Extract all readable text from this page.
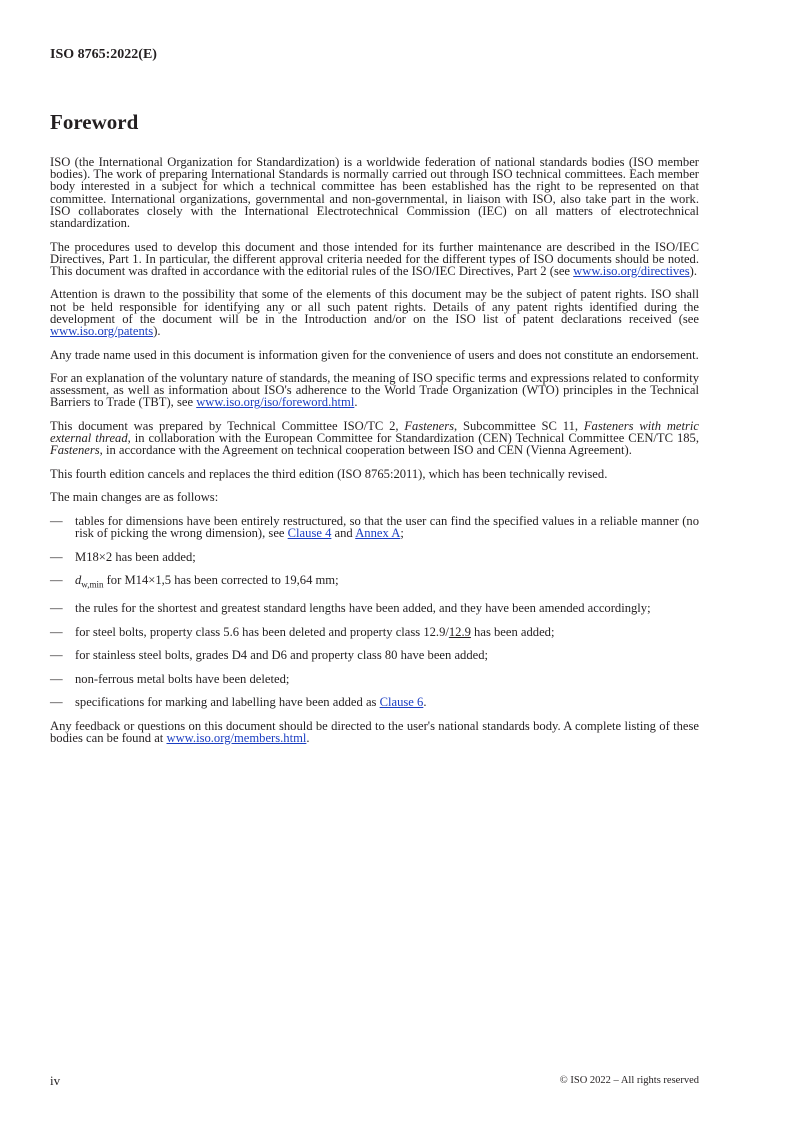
ISO 8765:2022(E)
Foreword

ISO (the International Organization for Standardization) is a worldwide federation of national standards bodies (ISO member bodies). The work of preparing International Standards is normally carried out through ISO technical committees. Each member body interested in a subject for which a technical committee has been established has the right to be represented on that committee. International organizations, governmental and non-governmental, in liaison with ISO, also take part in the work. ISO collaborates closely with the International Electrotechnical Commission (IEC) on all matters of electrotechnical standardization.

The procedures used to develop this document and those intended for its further maintenance are described in the ISO/IEC Directives, Part 1. In particular, the different approval criteria needed for the different types of ISO documents should be noted. This document was drafted in accordance with the editorial rules of the ISO/IEC Directives, Part 2 (see www.iso.org/directives).

Attention is drawn to the possibility that some of the elements of this document may be the subject of patent rights. ISO shall not be held responsible for identifying any or all such patent rights. Details of any patent rights identified during the development of the document will be in the Introduction and/or on the ISO list of patent declarations received (see www.iso.org/patents).

Any trade name used in this document is information given for the convenience of users and does not constitute an endorsement.

For an explanation of the voluntary nature of standards, the meaning of ISO specific terms and expressions related to conformity assessment, as well as information about ISO's adherence to the World Trade Organization (WTO) principles in the Technical Barriers to Trade (TBT), see www.iso.org/iso/foreword.html.

This document was prepared by Technical Committee ISO/TC 2, Fasteners, Subcommittee SC 11, Fasteners with metric external thread, in collaboration with the European Committee for Standardization (CEN) Technical Committee CEN/TC 185, Fasteners, in accordance with the Agreement on technical cooperation between ISO and CEN (Vienna Agreement).

This fourth edition cancels and replaces the third edition (ISO 8765:2011), which has been technically revised.

The main changes are as follows:

— tables for dimensions have been entirely restructured, so that the user can find the specified values in a reliable manner (no risk of picking the wrong dimension), see Clause 4 and Annex A;
— M18×2 has been added;
— $d_{w,min}$ for M14×1,5 has been corrected to 19,64 mm;
— the rules for the shortest and greatest standard lengths have been added, and they have been amended accordingly;
— for steel bolts, property class 5.6 has been deleted and property class 12.9/12.9 has been added;
— for stainless steel bolts, grades D4 and D6 and property class 80 have been added;
— non-ferrous metal bolts have been deleted;
— specifications for marking and labelling have been added as Clause 6.

Any feedback or questions on this document should be directed to the user's national standards body. A complete listing of these bodies can be found at www.iso.org/members.html.

iv	© ISO 2022 – All rights reserved
